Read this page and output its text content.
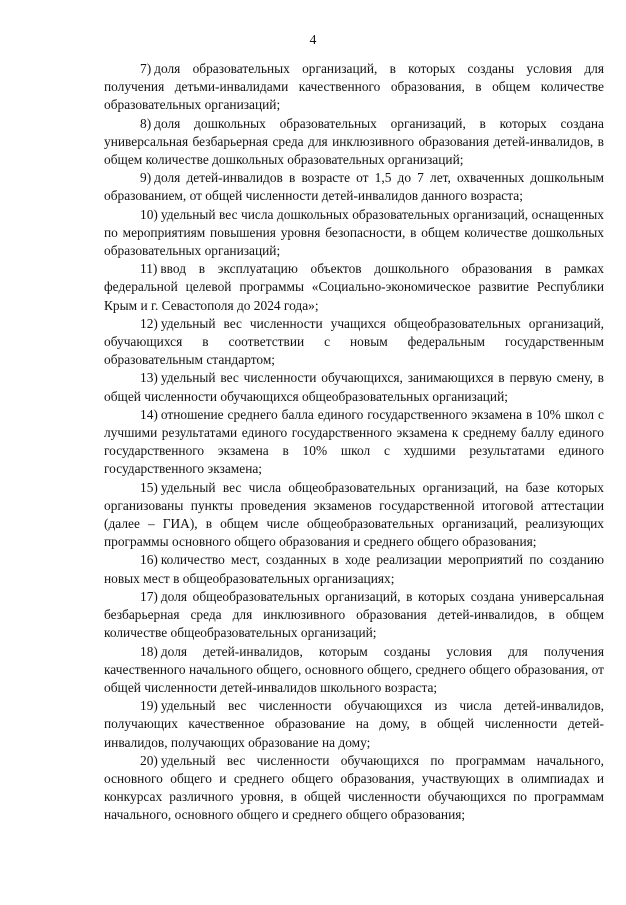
4

7) доля образовательных организаций, в которых созданы условия для получения детьми-инвалидами качественного образования, в общем количестве образовательных организаций;

8) доля дошкольных образовательных организаций, в которых создана универсальная безбарьерная среда для инклюзивного образования детей-инвалидов, в общем количестве дошкольных образовательных организаций;

9) доля детей-инвалидов в возрасте от 1,5 до 7 лет, охваченных дошкольным образованием, от общей численности детей-инвалидов данного возраста;

10) удельный вес числа дошкольных образовательных организаций, оснащенных по мероприятиям повышения уровня безопасности, в общем количестве дошкольных образовательных организаций;

11) ввод в эксплуатацию объектов дошкольного образования в рамках федеральной целевой программы «Социально-экономическое развитие Республики Крым и г. Севастополя до 2024 года»;

12) удельный вес численности учащихся общеобразовательных организаций, обучающихся в соответствии с новым федеральным государственным образовательным стандартом;

13) удельный вес численности обучающихся, занимающихся в первую смену, в общей численности обучающихся общеобразовательных организаций;

14) отношение среднего балла единого государственного экзамена в 10% школ с лучшими результатами единого государственного экзамена к среднему баллу единого государственного экзамена в 10% школ с худшими результатами единого государственного экзамена;

15) удельный вес числа общеобразовательных организаций, на базе которых организованы пункты проведения экзаменов государственной итоговой аттестации (далее – ГИА), в общем числе общеобразовательных организаций, реализующих программы основного общего образования и среднего общего образования;

16) количество мест, созданных в ходе реализации мероприятий по созданию новых мест в общеобразовательных организациях;

17) доля общеобразовательных организаций, в которых создана универсальная безбарьерная среда для инклюзивного образования детей-инвалидов, в общем количестве общеобразовательных организаций;

18) доля детей-инвалидов, которым созданы условия для получения качественного начального общего, основного общего, среднего общего образования, от общей численности детей-инвалидов школьного возраста;

19) удельный вес численности обучающихся из числа детей-инвалидов, получающих качественное образование на дому, в общей численности детей-инвалидов, получающих образование на дому;

20) удельный вес численности обучающихся по программам начального, основного общего и среднего общего образования, участвующих в олимпиадах и конкурсах различного уровня, в общей численности обучающихся по программам начального, основного общего и среднего общего образования;
